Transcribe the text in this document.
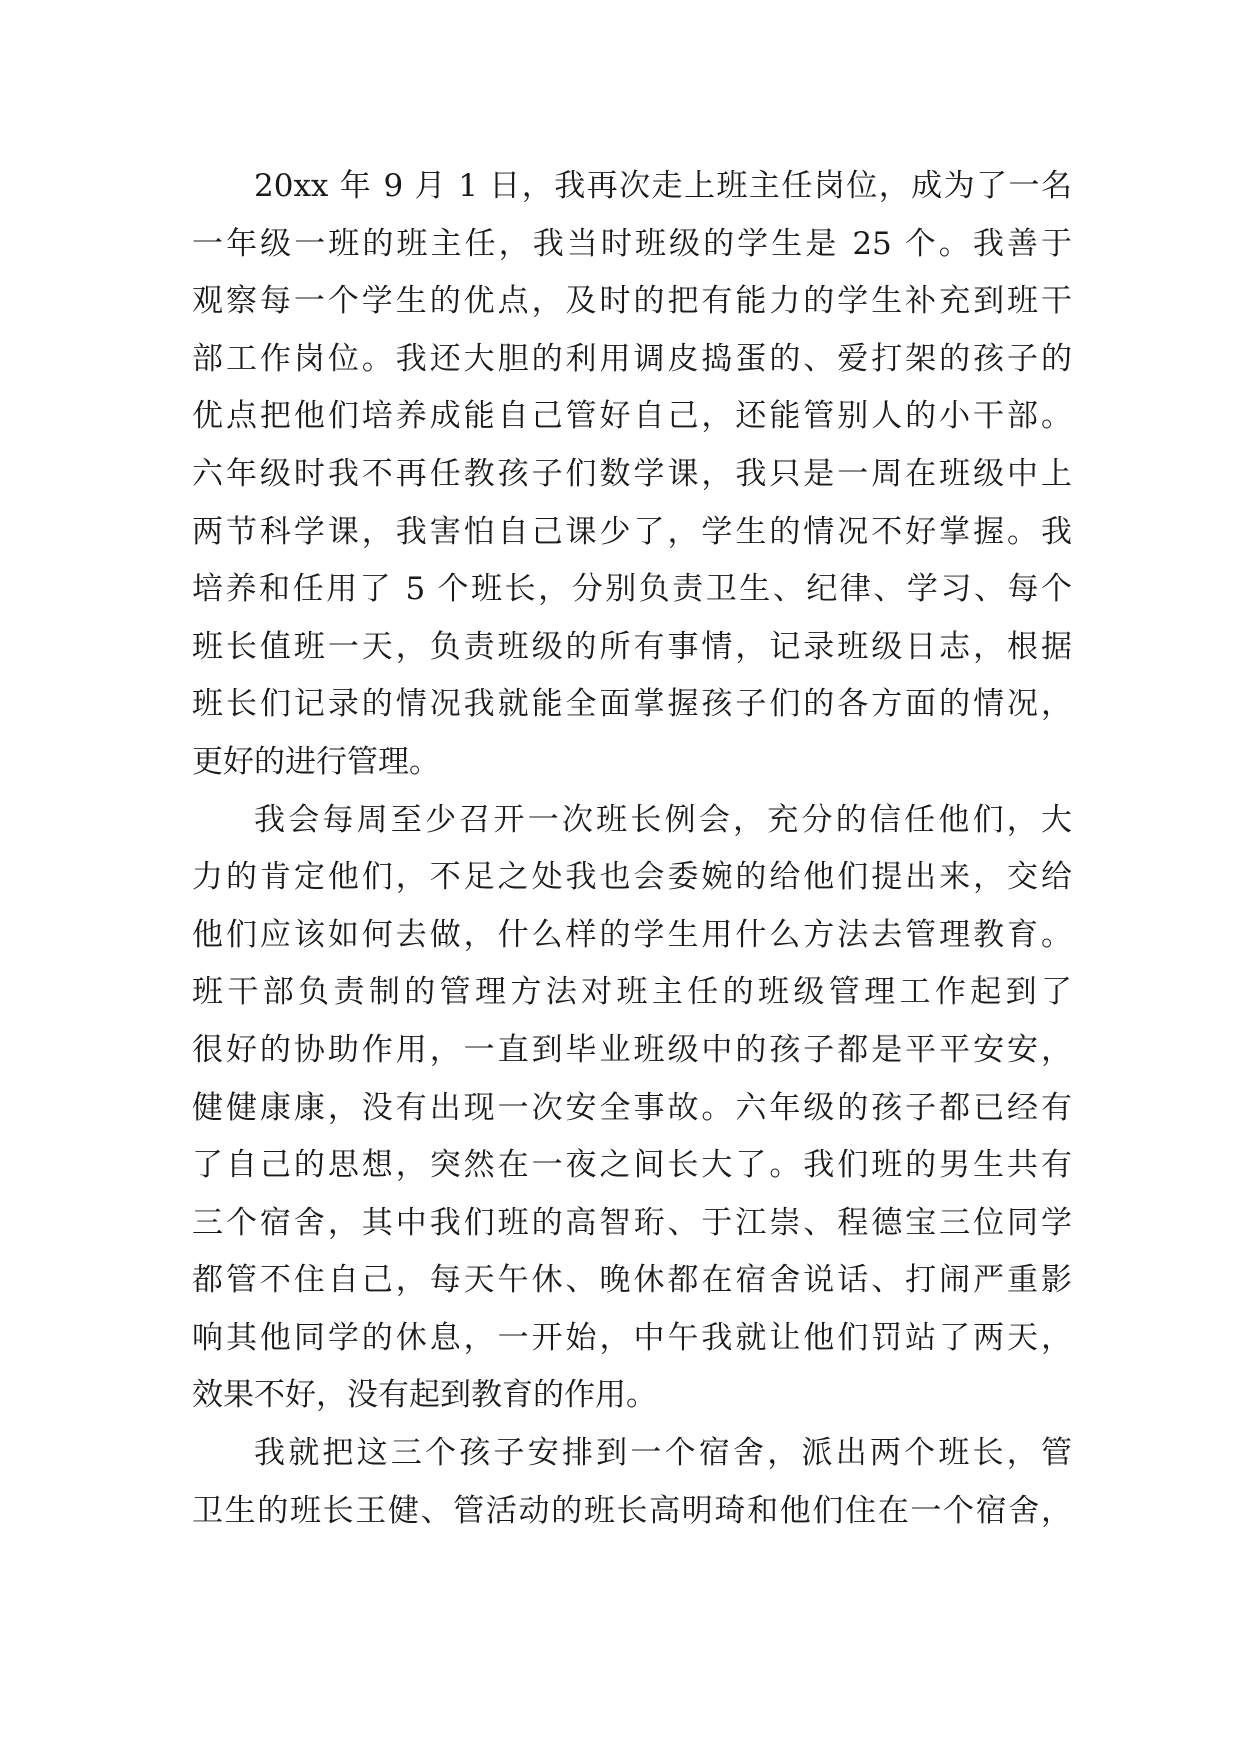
20xx 年 9 月 1 日，我再次走上班主任岗位，成为了一名
一年级一班的班主任，我当时班级的学生是 25 个。我善于
观察每一个学生的优点，及时的把有能力的学生补充到班干
部工作岗位。我还大胆的利用调皮捣蛋的、爱打架的孩子的
优点把他们培养成能自己管好自己，还能管别人的小干部。
六年级时我不再任教孩子们数学课，我只是一周在班级中上
两节科学课，我害怕自己课少了，学生的情况不好掌握。我
培养和任用了 5 个班长，分别负责卫生、纪律、学习、每个
班长值班一天，负责班级的所有事情，记录班级日志，根据
班长们记录的情况我就能全面掌握孩子们的各方面的情况，
更好的进行管理。
我会每周至少召开一次班长例会，充分的信任他们，大
力的肯定他们，不足之处我也会委婉的给他们提出来，交给
他们应该如何去做，什么样的学生用什么方法去管理教育。
班干部负责制的管理方法对班主任的班级管理工作起到了
很好的协助作用，一直到毕业班级中的孩子都是平平安安，
健健康康，没有出现一次安全事故。六年级的孩子都已经有
了自己的思想，突然在一夜之间长大了。我们班的男生共有
三个宿舍，其中我们班的高智珩、于江崇、程德宝三位同学
都管不住自己，每天午休、晚休都在宿舍说话、打闹严重影
响其他同学的休息，一开始，中午我就让他们罚站了两天，
效果不好，没有起到教育的作用。
我就把这三个孩子安排到一个宿舍，派出两个班长，管
卫生的班长王健、管活动的班长高明琦和他们住在一个宿舍，
